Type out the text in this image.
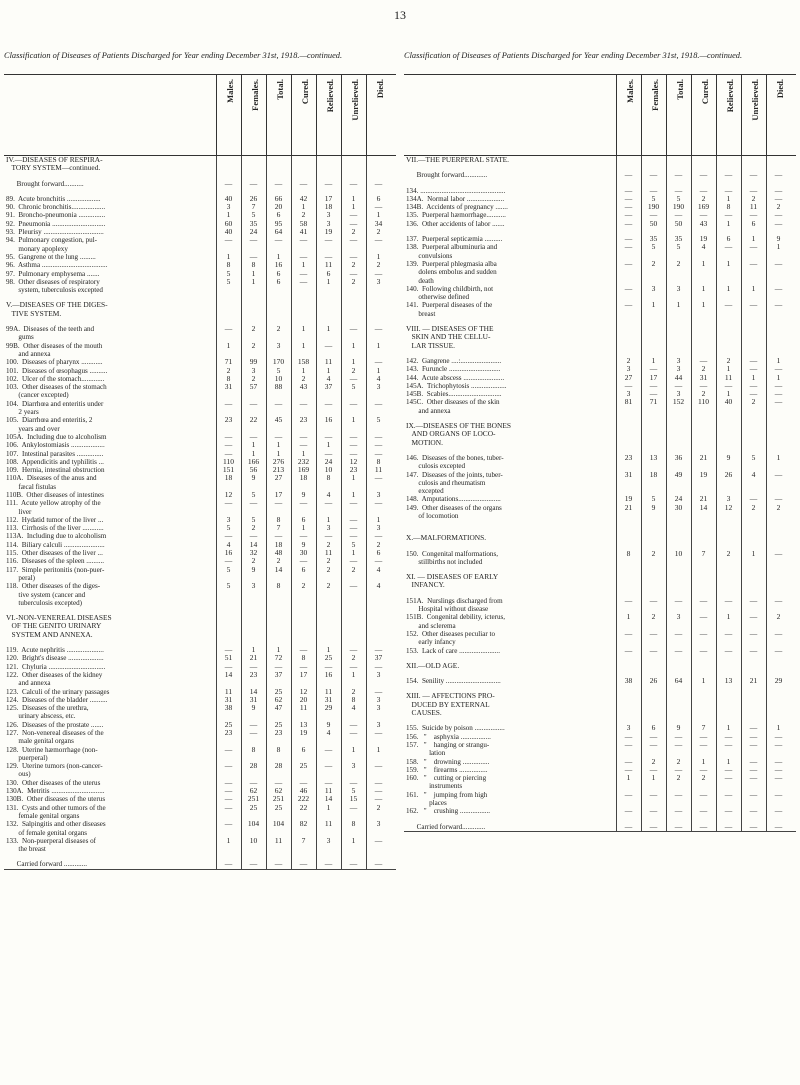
13
Classification of Diseases of Patients Discharged for Year ending December 31st, 1918.—continued.
Males. Females. Total. Cured. Relieved. Unrelieved. Died.
IV.—DISEASES OF RESPIRA-
TORY SYSTEM—continued.
Brought forward...........	—	—	—	—	—	—	—
89.  Acute bronchitis ...................	40	26	66	42	17	1	6
90.  Chronic bronchitis...................	3	7	20	1	18	1	—
91.  Broncho-pneumonia ...............	1	5	6	2	3	—	1
92.  Pneumonia ..............................	60	35	95	58	3	—	34
93.  Pleurisy ..................................	40	24	64	41	19	2	2
94.  Pulmonary congestion, pul-
monary apoplexy
—	—	—	—	—	—	—
95.  Gangrene ot the lung .........	1	—	1	—	—	—	1
96.  Asthma .....................................	8	8	16	1	11	2	2
97.  Pulmonary emphysema .......	5	1	6	—	6	—	—
98.  Other diseases of respiratory
system, tuberculosis excepted
5	1	6	—	1	2	3
V.—DISEASES OF THE DIGES-
TIVE SYSTEM.
99A.  Diseases of the teeth and
gums
—	2	2	1	1	—	—
99B.  Other diseases of the mouth
and annexa
1	2	3	1	—	1	1
100.  Diseases of pharynx ............	71	99	170	158	11	1	—
101.  Diseases of œsophagus ..........	2	3	5	1	1	2	1
102.  Ulcer of the stomach.............	8	2	10	2	4	—	4
103.  Other diseases of the stomach
(cancer excepted)
31	57	88	43	37	5	3
104.  Diarrhœa and enteritis under
2 years
—	—	—	—	—	—	—
105.  Diarrhœa and enteritis, 2
years and over
23	22	45	23	16	1	5
105A.  Including due to alcoholism	—	—	—	—	—	—	—
106.  Ankylostomiasis ...................	—	1	1	—	1	—	—
107.  Intestinal parasites ...............	—	1	1	1	—	—	—
108.  Appendicitis and typhilitis ...	110	166	276	232	24	12	8
109.  Hernia, intestinal obstruction	151	56	213	169	10	23	11
110A.  Diseases of the anus and
fæcal fistulas
18	9	27	18	8	1	—
110B.  Other diseases of intestines	12	5	17	9	4	1	3
111.  Acute yellow atrophy of the
liver
—	—	—	—	—	—	—
112.  Hydatid tumor of the liver ...	3	5	8	6	1	—	1
113.  Cirrhosis of the liver ............	5	2	7	1	3	—	3
113A.  Including due to alcoholism	—	—	—	—	—	—	—
114.  Biliary calculi .......................	4	14	18	9	2	5	2
115.  Other diseases of the liver ...	16	32	48	30	11	1	6
116.  Diseases of the spleen ..........	—	2	2	—	2	—	—
117.  Simple peritonitis (non-puer-
peral)
5	9	14	6	2	2	4
118.  Other diseases of the diges-
tive system (cancer and
tuberculosis excepted)
5	3	8	2	2	—	4
VI.-NON-VENEREAL DISEASES
OF THE GENITO URINARY
SYSTEM AND ANNEXA.
119.  Acute nephritis .....................	—	1	1	—	1	—	—
120.  Bright's disease ....................	51	21	72	8	25	2	37
121.  Chyluria ................................	—	—	—	—	—	—	—
122.  Other diseases of the kidney
and annexa
14	23	37	17	16	1	3
123.  Calculi of the urinary passages	11	14	25	12	11	2	—
124.  Diseases of the bladder ..........	31	31	62	20	31	8	3
125.  Diseases of the urethra,
urinary abscess, etc.
38	9	47	11	29	4	3
126.  Diseases of the prostate .......	25	—	25	13	9	—	3
127.  Non-venereal diseases of the
male genital organs
23	—	23	19	4	—	—
128.  Uterine hæmorrhage (non-
puerperal)
—	8	8	6	—	1	1
129.  Uterine tumors (non-cancer-
ous)
—	28	28	25	—	3	—
130.  Other diseases of the uterus	—	—	—	—	—	—	—
130A.  Metritis ..............................	—	62	62	46	11	5	—
130B.  Other diseases of the uterus	—	251	251	222	14	15	—
131.  Cysts and other tumors of the
female genital organs
—	25	25	22	1	—	2
132.  Salpingitis and other diseases
of female genital organs
—	104	104	82	11	8	3
133.  Non-puerperal diseases of
the breast
1	10	11	7	3	1	—
Carried forward .............	—	—	—	—	—	—	—
Classification of Diseases of Patients Discharged for Year ending December 31st, 1918.—continued.
Males. Females. Total. Cured. Relieved. Unrelieved. Died.
VII.—THE PUERPERAL STATE.
Brought forward.............	—	—	—	—	—	—	—
134. ................................................	—	—	—	—	—	—	—
134A.  Normal labor .....................	—	5	5	2	1	2	—
134B.  Accidents of pregnancy .......	—	190	190	169	8	11	2
135.  Puerperal hæmorrhage...........	—	—	—	—	—	—	—
136.  Other accidents of labor .......	—	50	50	43	1	6	—
137.  Puerperal septicæmia ..........	—	35	35	19	6	1	9
138.  Puerperal albuminuria and
convulsions
—	5	5	4	—	—	1
139.  Puerperal phlegmasia alba
dolens embolus and sudden
death
—	2	2	1	1	—	—
140.  Following childbirth, not
otherwise defined
—	3	3	1	1	1	—
141.  Puerperal diseases of the
breast
—	1	1	1	—	—	—
VIII. — DISEASES OF THE
SKIN AND THE CELLU-
LAR TISSUE.
142.  Gangrene ....:.......................	2	1	3	—	2	—	1
143.  Furuncle .............................	3	—	3	2	1	—	—
144.  Acute abscess .......................	27	17	44	31	11	1	1
145A.  Trichophytosis ....................	—	—	—	—	—	—	—
145B.  Scabies..............................	3	—	3	2	1	—	—
145C.  Other diseases of the skin
and annexa
81	71	152	110	40	2	—
IX.—DISEASES OF THE BONES
AND ORGANS OF LOCO-
MOTION.
146.  Diseases of the bones, tuber-
culosis excepted
23	13	36	21	9	5	1
147.  Diseases of the joints, tuber-
culosis and rheumatism
excepted
31	18	49	19	26	4	—
148.  Amputations........................	19	5	24	21	3	—	—
149.  Other diseases of the organs
of locomotion
21	9	30	14	12	2	2
X.—MALFORMATIONS.
150.  Congenital malformations,
stillbirths not included
8	2	10	7	2	1	—
XI. — DISEASES OF EARLY
INFANCY.
151A.  Nurslings discharged from
Hospital without disease
—	—	—	—	—	—	—
151B.  Congenital debility, icterus,
and sclerema
1	2	3	—	1	—	2
152.  Other diseases peculiar to
early infancy
—	—	—	—	—	—	—
153.  Lack of care .......................	—	—	—	—	—	—	—
XII.—OLD AGE.
154.  Senility ...............................	38	26	64	1	13	21	29
XIII. — AFFECTIONS PRO-
DUCED BY EXTERNAL
CAUSES.
155.  Suicide by poison .................	3	6	9	7	1	—	1
156.   "    asphyxia .................	—	—	—	—	—	—	—
157.   "    hanging or strangu-
lation
—	—	—	—	—	—	—
158.   "    drowning ...............	—	2	2	1	1	—	—
159.   "    firearms ................	—	—	—	—	—	—	—
160.   "    cutting or piercing
instruments
1	1	2	2	—	—	—
161.   "    jumping from high
places
—	—	—	—	—	—	—
162.   "    crushing .................	—	—	—	—	—	—	—
Carried forward.............	—	—	—	—	—	—	—
